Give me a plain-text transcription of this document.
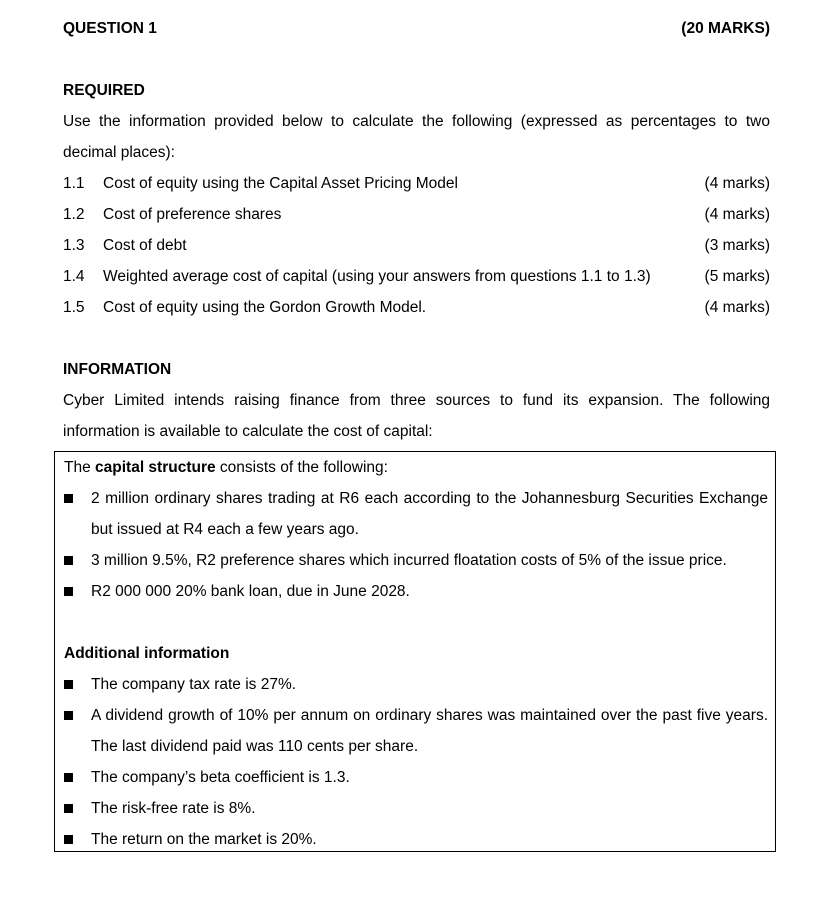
QUESTION 1	(20 MARKS)
REQUIRED
Use the information provided below to calculate the following (expressed as percentages to two decimal places):
1.1	Cost of equity using the Capital Asset Pricing Model	(4 marks)
1.2	Cost of preference shares	(4 marks)
1.3	Cost of debt	(3 marks)
1.4	Weighted average cost of capital (using your answers from questions 1.1 to 1.3)	(5 marks)
1.5	Cost of equity using the Gordon Growth Model.	(4 marks)
INFORMATION
Cyber Limited intends raising finance from three sources to fund its expansion. The following information is available to calculate the cost of capital:
The capital structure consists of the following:
2 million ordinary shares trading at R6 each according to the Johannesburg Securities Exchange but issued at R4 each a few years ago.
3 million 9.5%, R2 preference shares which incurred floatation costs of 5% of the issue price.
R2 000 000 20% bank loan, due in June 2028.
Additional information
The company tax rate is 27%.
A dividend growth of 10% per annum on ordinary shares was maintained over the past five years. The last dividend paid was 110 cents per share.
The company’s beta coefficient is 1.3.
The risk-free rate is 8%.
The return on the market is 20%.
